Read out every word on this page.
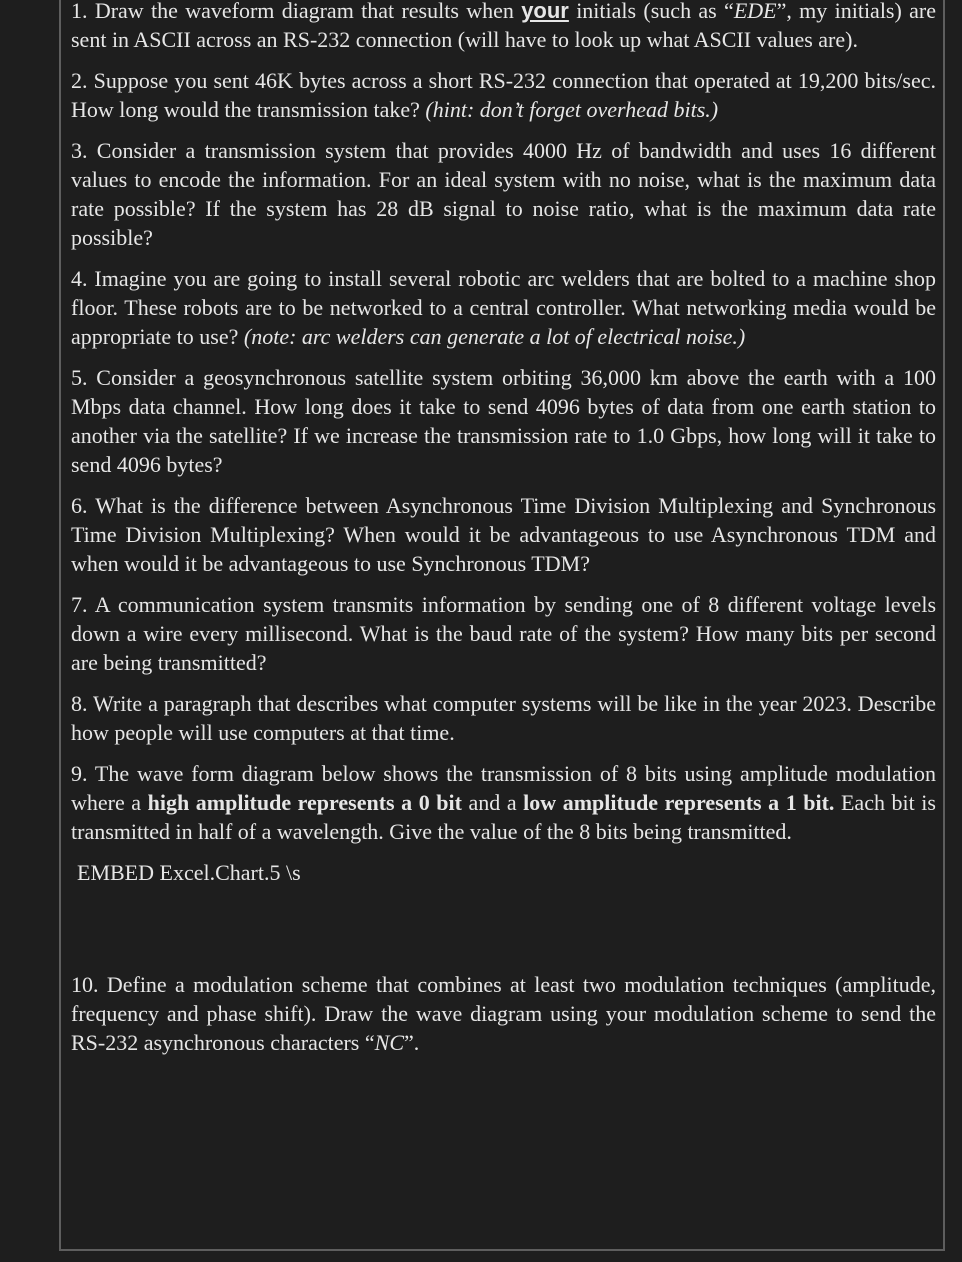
1. Draw the waveform diagram that results when your initials (such as “EDE”, my initials) are sent in ASCII across an RS-232 connection (will have to look up what ASCII values are).

2. Suppose you sent 46K bytes across a short RS-232 connection that operated at 19,200 bits/sec. How long would the transmission take? (hint: don’t forget overhead bits.)

3. Consider a transmission system that provides 4000 Hz of bandwidth and uses 16 different values to encode the information. For an ideal system with no noise, what is the maximum data rate possible? If the system has 28 dB signal to noise ratio, what is the maximum data rate possible?

4. Imagine you are going to install several robotic arc welders that are bolted to a machine shop floor. These robots are to be networked to a central controller. What networking media would be appropriate to use? (note: arc welders can generate a lot of electrical noise.)

5. Consider a geosynchronous satellite system orbiting 36,000 km above the earth with a 100 Mbps data channel. How long does it take to send 4096 bytes of data from one earth station to another via the satellite? If we increase the transmission rate to 1.0 Gbps, how long will it take to send 4096 bytes?

6. What is the difference between Asynchronous Time Division Multiplexing and Synchronous Time Division Multiplexing? When would it be advantageous to use Asynchronous TDM and when would it be advantageous to use Synchronous TDM?

7. A communication system transmits information by sending one of 8 different voltage levels down a wire every millisecond. What is the baud rate of the system? How many bits per second are being transmitted?

8. Write a paragraph that describes what computer systems will be like in the year 2023. Describe how people will use computers at that time.

9. The wave form diagram below shows the transmission of 8 bits using amplitude modulation where a high amplitude represents a 0 bit and a low amplitude represents a 1 bit. Each bit is transmitted in half of a wavelength. Give the value of the 8 bits being transmitted.

EMBED Excel.Chart.5 \s

10. Define a modulation scheme that combines at least two modulation techniques (amplitude, frequency and phase shift). Draw the wave diagram using your modulation scheme to send the RS-232 asynchronous characters “NC”.
